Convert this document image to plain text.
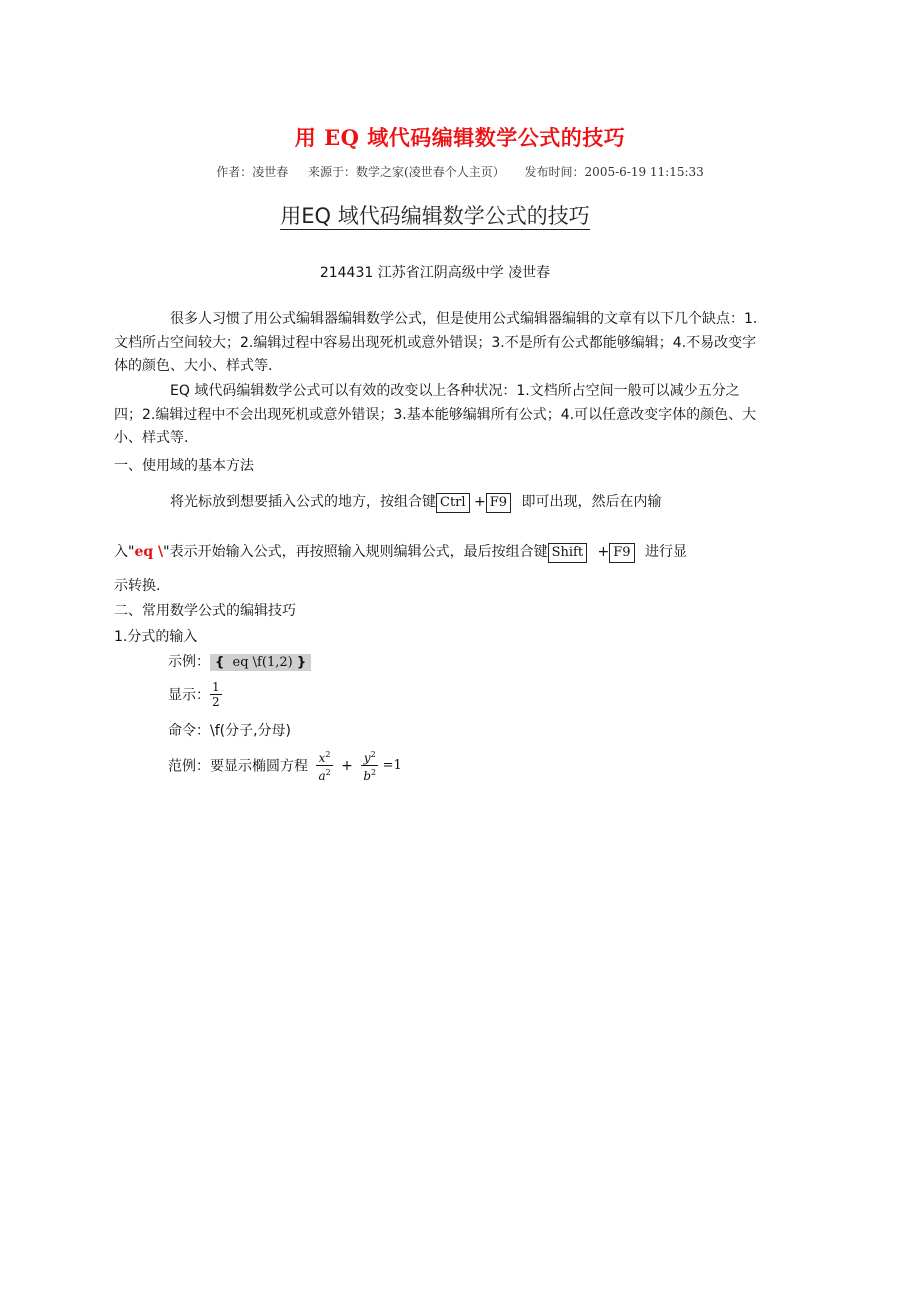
用 EQ 域代码编辑数学公式的技巧
作者：凌世春 来源于：数学之家(凌世春个人主页） 发布时间：2005-6-19 11:15:33
用EQ 域代码编辑数学公式的技巧
214431 江苏省江阴高级中学 凌世春
很多人习惯了用公式编辑器编辑数学公式，但是使用公式编辑器编辑的文章有以下几个缺点：1.文档所占空间较大；2.编辑过程中容易出现死机或意外错误；3.不是所有公式都能够编辑；4.不易改变字体的颜色、大小、样式等.
EQ 域代码编辑数学公式可以有效的改变以上各种状况：1.文档所占空间一般可以减少五分之四；2.编辑过程中不会出现死机或意外错误；3.基本能够编辑所有公式；4.可以任意改变字体的颜色、大小、样式等.
一、使用域的基本方法
将光标放到想要插入公式的地方，按组合键 Ctrl + F9 即可出现，然后在内输
入"eq \"表示开始输入公式，再按照输入规则编辑公式，最后按组合键 Shift + F9 进行显
示转换.
二、常用数学公式的编辑技巧
1.分式的输入
示例： { eq \f(1,2) }
显示： $\frac{1}{2}$
命令：\f(分子,分母)
范例：要显示椭圆方程 $\frac{x^2}{a^2} + \frac{y^2}{b^2} =1$
